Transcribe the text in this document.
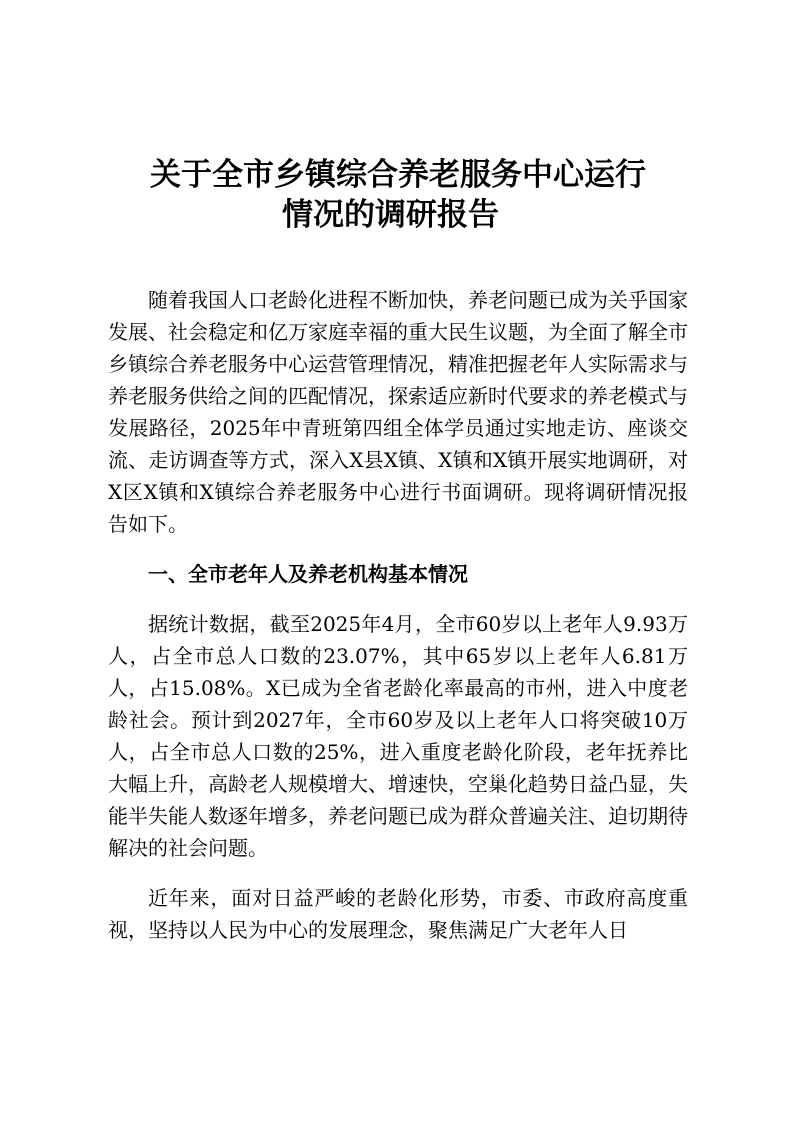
关于全市乡镇综合养老服务中心运行
情况的调研报告

随着我国人口老龄化进程不断加快，养老问题已成为关乎国家发展、社会稳定和亿万家庭幸福的重大民生议题，为全面了解全市乡镇综合养老服务中心运营管理情况，精准把握老年人实际需求与养老服务供给之间的匹配情况，探索适应新时代要求的养老模式与发展路径，2025年中青班第四组全体学员通过实地走访、座谈交流、走访调查等方式，深入X县X镇、X镇和X镇开展实地调研，对X区X镇和X镇综合养老服务中心进行书面调研。现将调研情况报告如下。

一、全市老年人及养老机构基本情况

据统计数据，截至2025年4月，全市60岁以上老年人9.93万人，占全市总人口数的23.07%，其中65岁以上老年人6.81万人，占15.08%。X已成为全省老龄化率最高的市州，进入中度老龄社会。预计到2027年，全市60岁及以上老年人口将突破10万人，占全市总人口数的25%，进入重度老龄化阶段，老年抚养比大幅上升，高龄老人规模增大、增速快，空巢化趋势日益凸显，失能半失能人数逐年增多，养老问题已成为群众普遍关注、迫切期待解决的社会问题。

近年来，面对日益严峻的老龄化形势，市委、市政府高度重视，坚持以人民为中心的发展理念，聚焦满足广大老年人日
